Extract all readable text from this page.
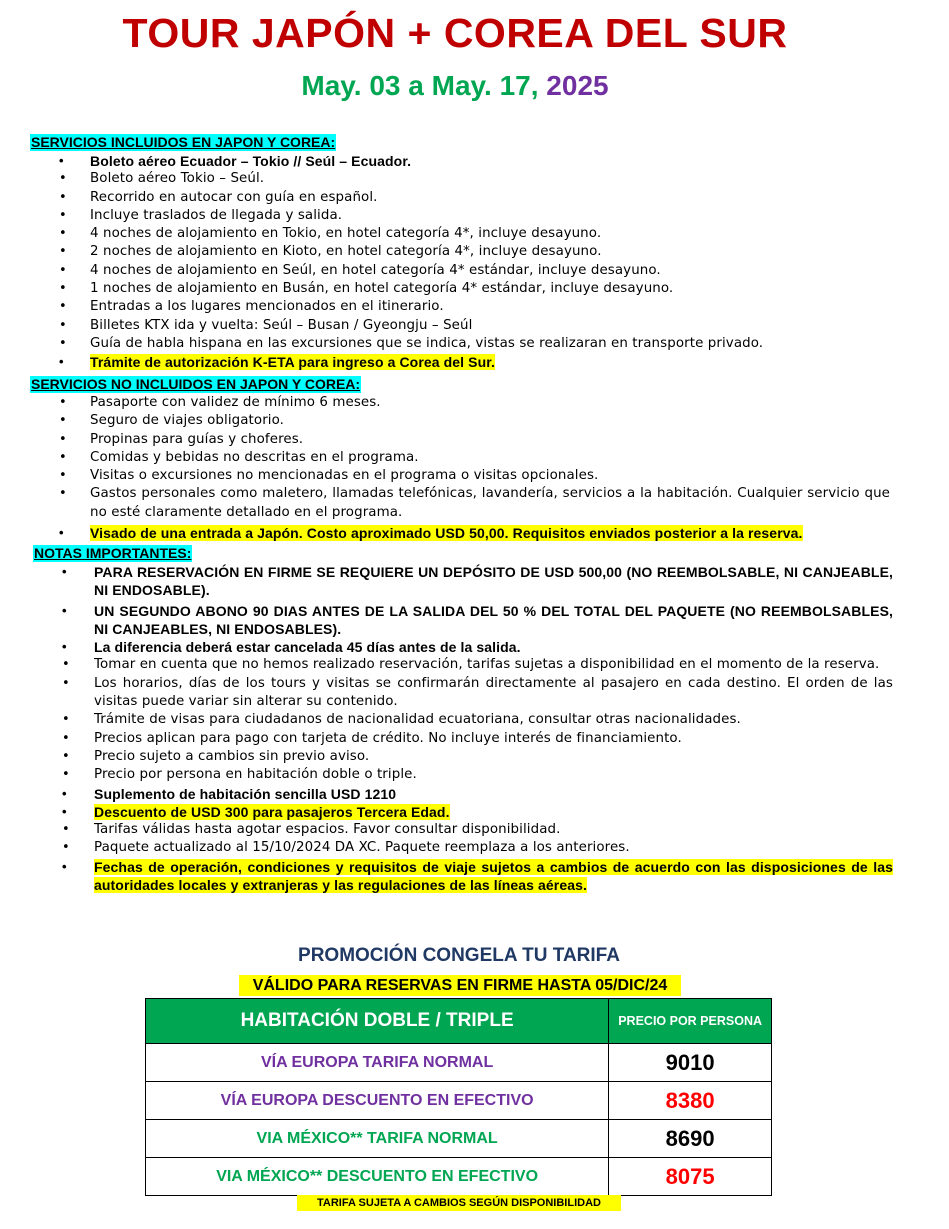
TOUR JAPÓN + COREA DEL SUR
May. 03 a May. 17, 2025
SERVICIOS INCLUIDOS EN JAPON Y COREA:
• Boleto aéreo Ecuador – Tokio // Seúl – Ecuador.
• Boleto aéreo Tokio – Seúl.
• Recorrido en autocar con guía en español.
• Incluye traslados de llegada y salida.
• 4 noches de alojamiento en Tokio, en hotel categoría 4*, incluye desayuno.
• 2 noches de alojamiento en Kioto, en hotel categoría 4*, incluye desayuno.
• 4 noches de alojamiento en Seúl, en hotel categoría 4* estándar, incluye desayuno.
• 1 noches de alojamiento en Busán, en hotel categoría 4* estándar, incluye desayuno.
• Entradas a los lugares mencionados en el itinerario.
• Billetes KTX ida y vuelta: Seúl – Busan / Gyeongju – Seúl
• Guía de habla hispana en las excursiones que se indica, vistas se realizaran en transporte privado.
• Trámite de autorización K-ETA para ingreso a Corea del Sur.
SERVICIOS NO INCLUIDOS EN JAPON Y COREA:
• Pasaporte con validez de mínimo 6 meses.
• Seguro de viajes obligatorio.
• Propinas para guías y choferes.
• Comidas y bebidas no descritas en el programa.
• Visitas o excursiones no mencionadas en el programa o visitas opcionales.
• Gastos personales como maletero, llamadas telefónicas, lavandería, servicios a la habitación. Cualquier servicio que no esté claramente detallado en el programa.
• Visado de una entrada a Japón. Costo aproximado USD 50,00. Requisitos enviados posterior a la reserva.
NOTAS IMPORTANTES:
• PARA RESERVACIÓN EN FIRME SE REQUIERE UN DEPÓSITO DE USD 500,00 (NO REEMBOLSABLE, NI CANJEABLE, NI ENDOSABLE).
• UN SEGUNDO ABONO 90 DIAS ANTES DE LA SALIDA DEL 50 % DEL TOTAL DEL PAQUETE (NO REEMBOLSABLES, NI CANJEABLES, NI ENDOSABLES).
• La diferencia deberá estar cancelada 45 días antes de la salida.
• Tomar en cuenta que no hemos realizado reservación, tarifas sujetas a disponibilidad en el momento de la reserva.
• Los horarios, días de los tours y visitas se confirmarán directamente al pasajero en cada destino. El orden de las visitas puede variar sin alterar su contenido.
• Trámite de visas para ciudadanos de nacionalidad ecuatoriana, consultar otras nacionalidades.
• Precios aplican para pago con tarjeta de crédito. No incluye interés de financiamiento.
• Precio sujeto a cambios sin previo aviso.
• Precio por persona en habitación doble o triple.
• Suplemento de habitación sencilla USD 1210
• Descuento de USD 300 para pasajeros Tercera Edad.
• Tarifas válidas hasta agotar espacios. Favor consultar disponibilidad.
• Paquete actualizado al 15/10/2024 DA XC. Paquete reemplaza a los anteriores.
• Fechas de operación, condiciones y requisitos de viaje sujetos a cambios de acuerdo con las disposiciones de las autoridades locales y extranjeras y las regulaciones de las líneas aéreas.
PROMOCIÓN CONGELA TU TARIFA
VÁLIDO PARA RESERVAS EN FIRME HASTA 05/DIC/24
HABITACIÓN DOBLE / TRIPLE	PRECIO POR PERSONA
VÍA EUROPA TARIFA NORMAL	9010
VÍA EUROPA DESCUENTO EN EFECTIVO	8380
VIA MÉXICO** TARIFA NORMAL	8690
VIA MÉXICO** DESCUENTO EN EFECTIVO	8075
TARIFA SUJETA A CAMBIOS SEGÚN DISPONIBILIDAD
